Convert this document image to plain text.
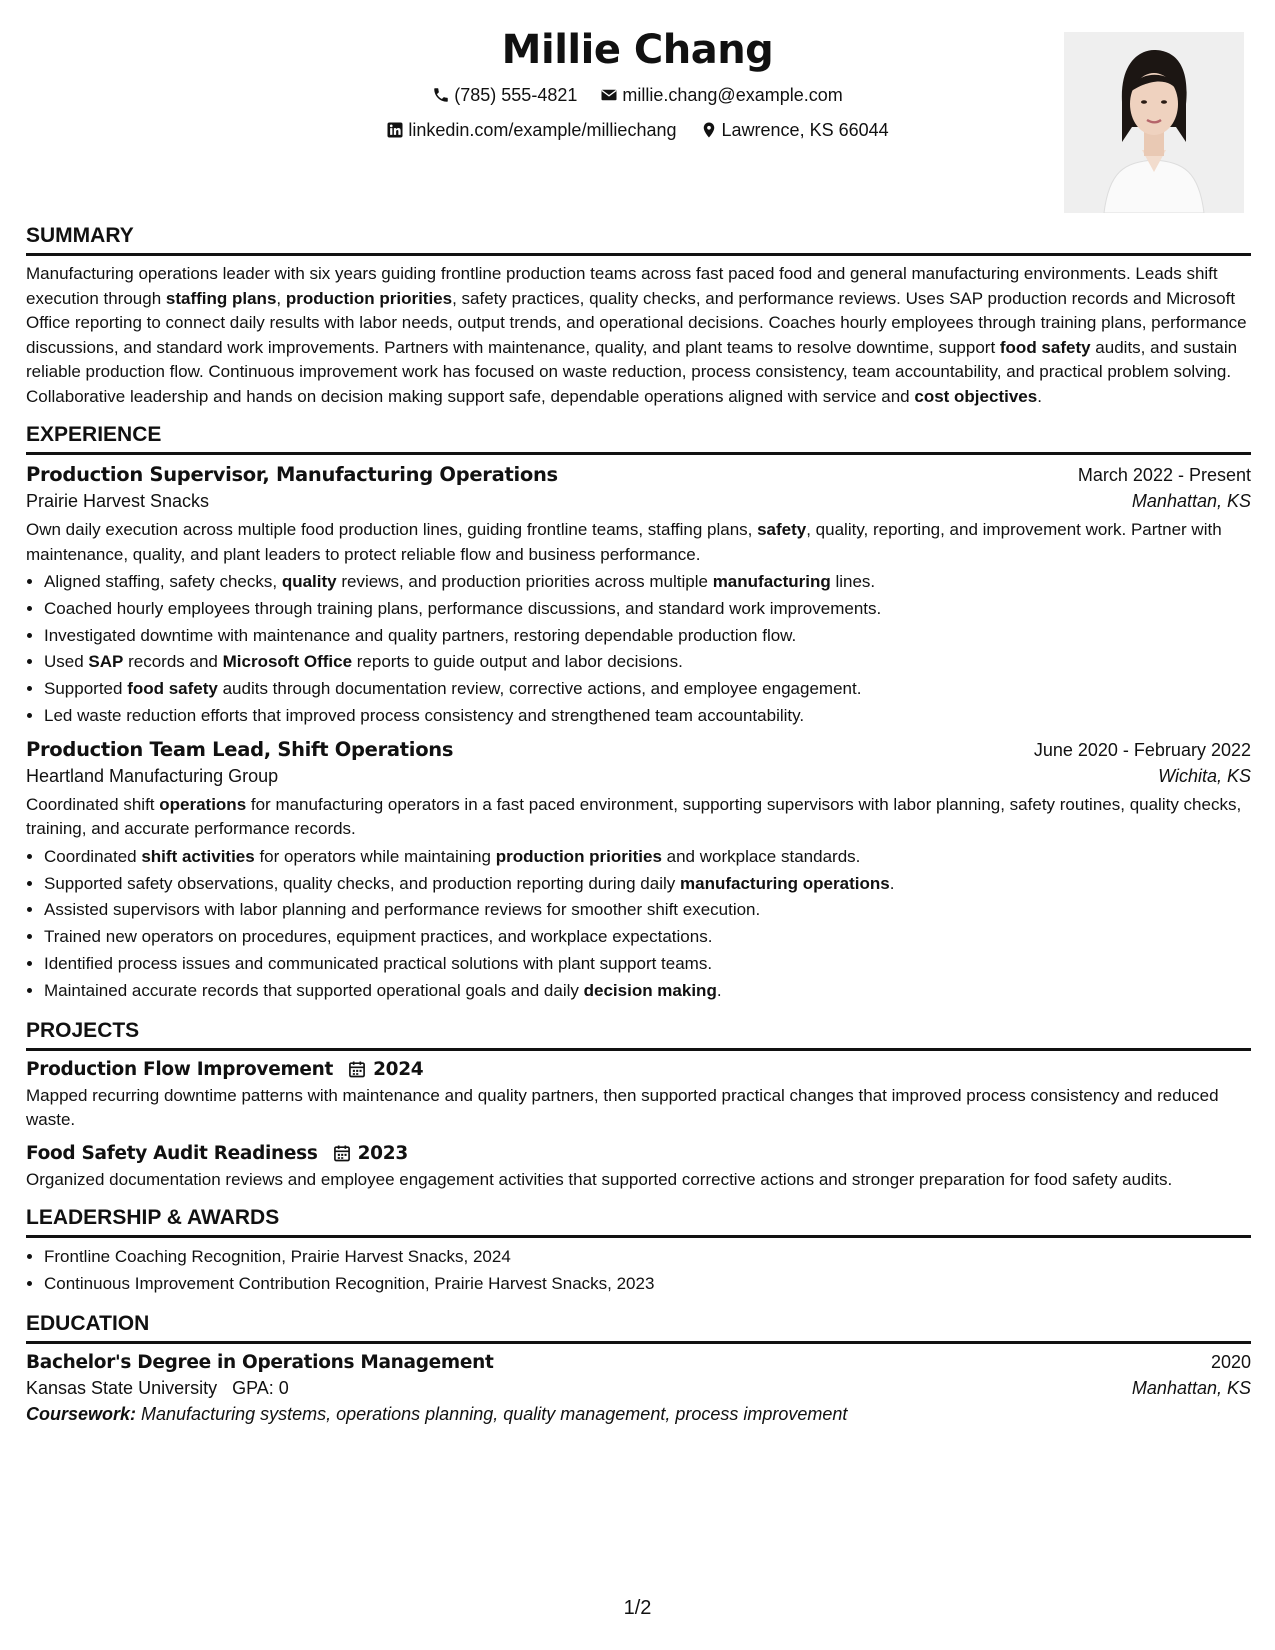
Millie Chang
(785) 555-4821
	millie.chang@example.com
linkedin.com/example/milliechang
	Lawrence, KS 66044
SUMMARY

Manufacturing operations leader with six years guiding frontline production teams across fast paced food and general manufacturing environments. Leads shift execution through staffing plans, production priorities, safety practices, quality checks, and performance reviews. Uses SAP production records and Microsoft Office reporting to connect daily results with labor needs, output trends, and operational decisions. Coaches hourly employees through training plans, performance discussions, and standard work improvements. Partners with maintenance, quality, and plant teams to resolve downtime, support food safety audits, and sustain reliable production flow. Continuous improvement work has focused on waste reduction, process consistency, team accountability, and practical problem solving. Collaborative leadership and hands on decision making support safe, dependable operations aligned with service and cost objectives.

EXPERIENCE
Production Supervisor, Manufacturing Operations	March 2022 - Present
Prairie Harvest Snacks	Manhattan, KS

Own daily execution across multiple food production lines, guiding frontline teams, staffing plans, safety, quality, reporting, and improvement work. Partner with maintenance, quality, and plant leaders to protect reliable flow and business performance.

• Aligned staffing, safety checks, quality reviews, and production priorities across multiple manufacturing lines.
• Coached hourly employees through training plans, performance discussions, and standard work improvements.
• Investigated downtime with maintenance and quality partners, restoring dependable production flow.
• Used SAP records and Microsoft Office reports to guide output and labor decisions.
• Supported food safety audits through documentation review, corrective actions, and employee engagement.
• Led waste reduction efforts that improved process consistency and strengthened team accountability.
Production Team Lead, Shift Operations	June 2020 - February 2022
Heartland Manufacturing Group	Wichita, KS

Coordinated shift operations for manufacturing operators in a fast paced environment, supporting supervisors with labor planning, safety routines, quality checks, training, and accurate performance records.

• Coordinated shift activities for operators while maintaining production priorities and workplace standards.
• Supported safety observations, quality checks, and production reporting during daily manufacturing operations.
• Assisted supervisors with labor planning and performance reviews for smoother shift execution.
• Trained new operators on procedures, equipment practices, and workplace expectations.
• Identified process issues and communicated practical solutions with plant support teams.
• Maintained accurate records that supported operational goals and daily decision making.
PROJECTS
Production Flow Improvement 2024

Mapped recurring downtime patterns with maintenance and quality partners, then supported practical changes that improved process consistency and reduced waste.

Food Safety Audit Readiness 2023

Organized documentation reviews and employee engagement activities that supported corrective actions and stronger preparation for food safety audits.

LEADERSHIP & AWARDS
• Frontline Coaching Recognition, Prairie Harvest Snacks, 2024
• Continuous Improvement Contribution Recognition, Prairie Harvest Snacks, 2023
EDUCATION
Bachelor's Degree in Operations Management	2020
Kansas State University GPA: 0	Manhattan, KS
Coursework: Manufacturing systems, operations planning, quality management, process improvement
1/2
